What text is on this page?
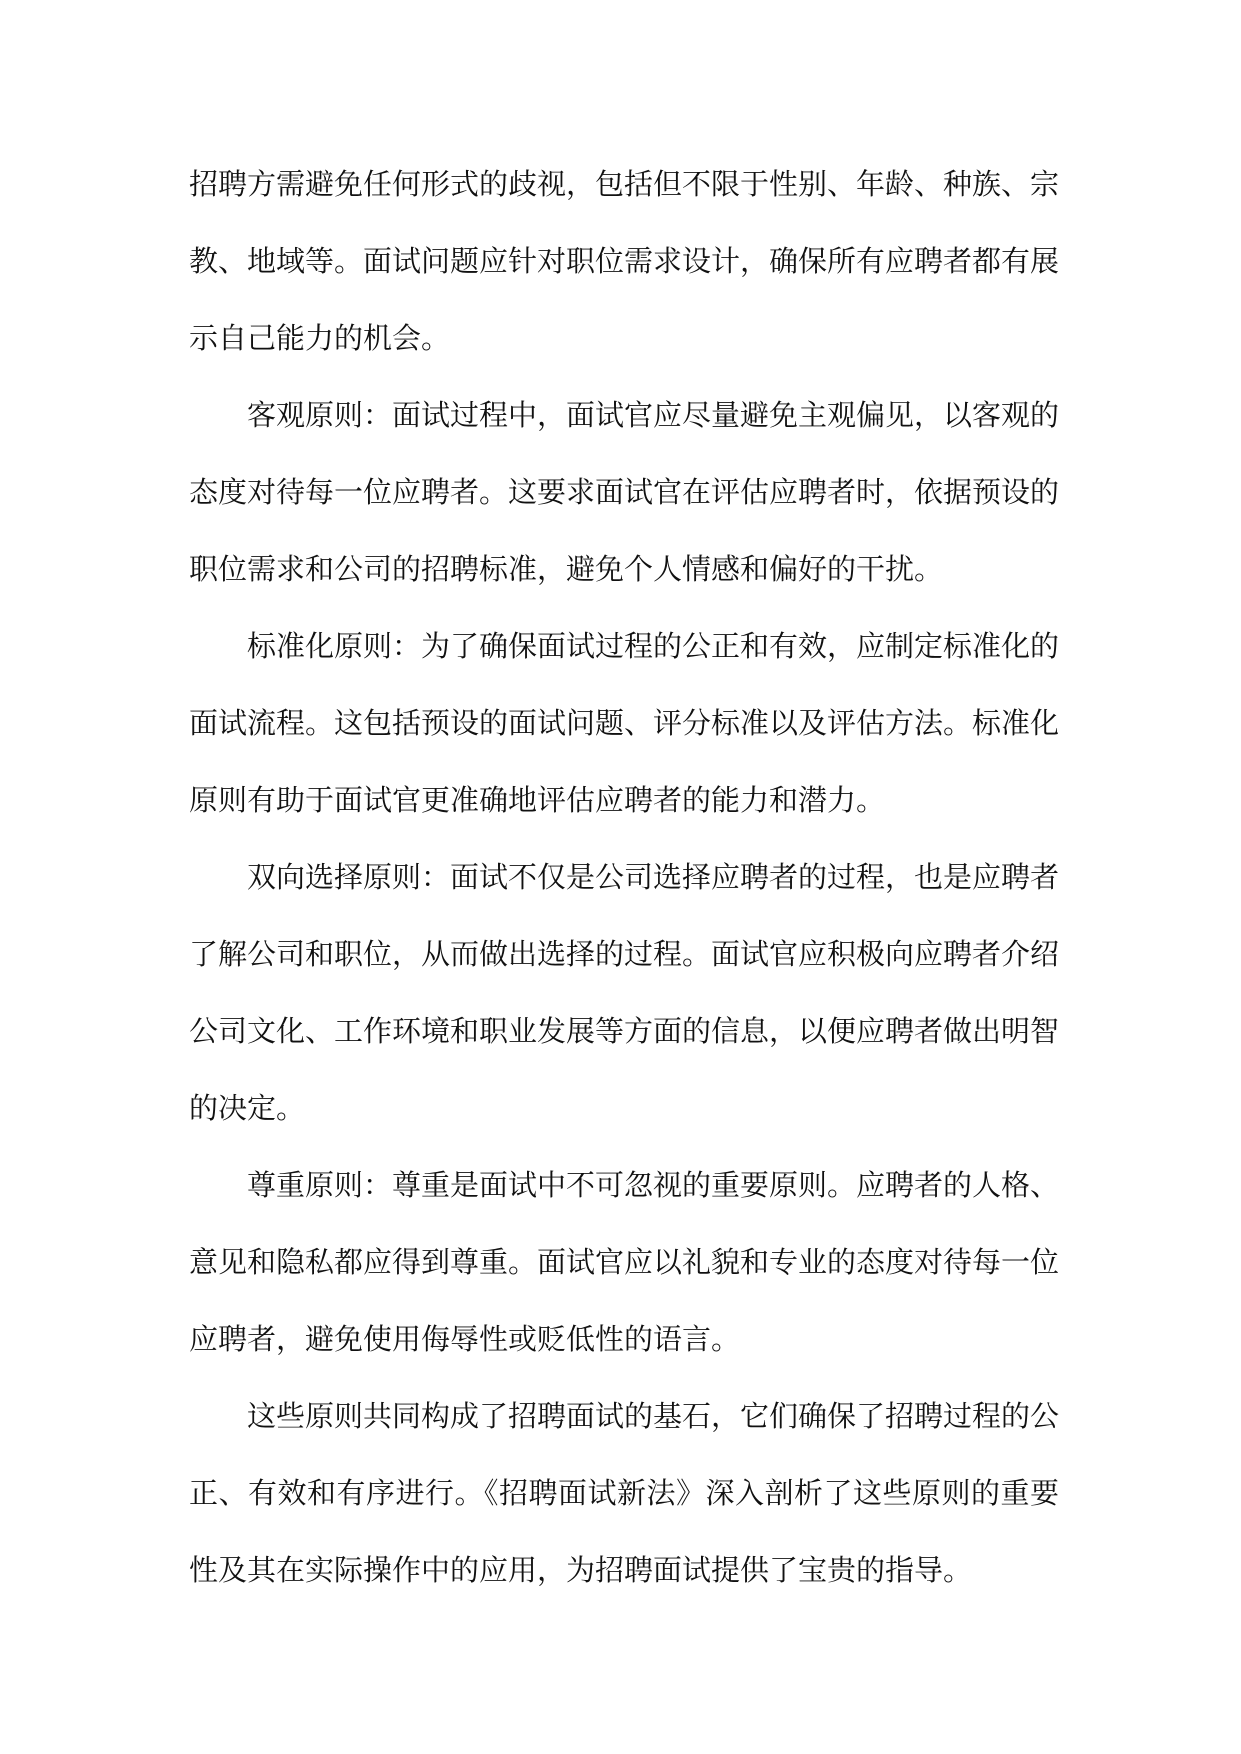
招聘方需避免任何形式的歧视，包括但不限于性别、年龄、种族、宗教、地域等。面试问题应针对职位需求设计，确保所有应聘者都有展示自己能力的机会。

客观原则：面试过程中，面试官应尽量避免主观偏见，以客观的态度对待每一位应聘者。这要求面试官在评估应聘者时，依据预设的职位需求和公司的招聘标准，避免个人情感和偏好的干扰。

标准化原则：为了确保面试过程的公正和有效，应制定标准化的面试流程。这包括预设的面试问题、评分标准以及评估方法。标准化原则有助于面试官更准确地评估应聘者的能力和潜力。

双向选择原则：面试不仅是公司选择应聘者的过程，也是应聘者了解公司和职位，从而做出选择的过程。面试官应积极向应聘者介绍公司文化、工作环境和职业发展等方面的信息，以便应聘者做出明智的决定。

尊重原则：尊重是面试中不可忽视的重要原则。应聘者的人格、意见和隐私都应得到尊重。面试官应以礼貌和专业的态度对待每一位应聘者，避免使用侮辱性或贬低性的语言。

这些原则共同构成了招聘面试的基石，它们确保了招聘过程的公正、有效和有序进行。《招聘面试新法》深入剖析了这些原则的重要性及其在实际操作中的应用，为招聘面试提供了宝贵的指导。
